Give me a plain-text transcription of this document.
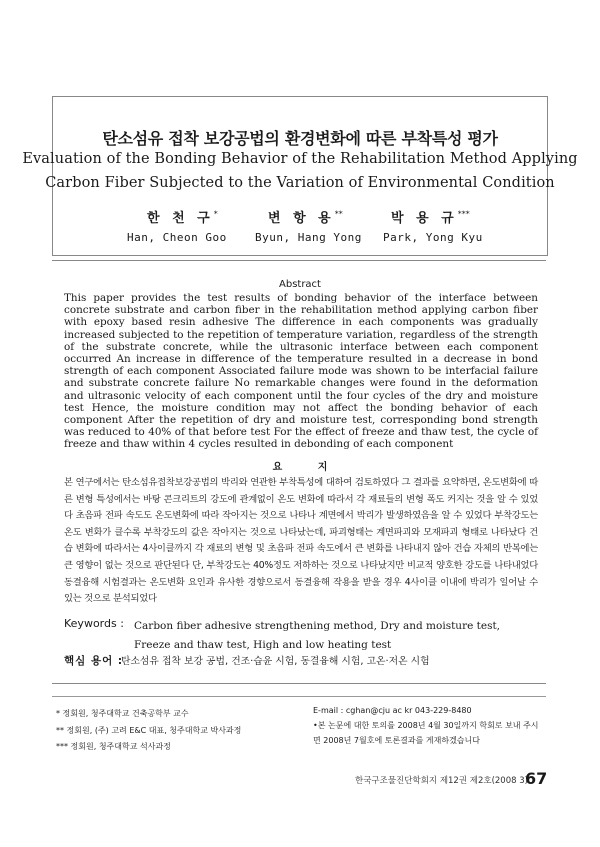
탄소섬유 접착 보강공법의 환경변화에 따른 부착특성 평가
Evaluation of the Bonding Behavior of the Rehabilitation Method Applying
Carbon Fiber Subjected to the Variation of Environmental Condition
한 천 구*	변 항 용**	박 용 규***
Han, Cheon Goo	Byun, Hang Yong Park, Yong Kyu
Abstract
This paper provides the test results of bonding behavior of the interface between concrete substrate and carbon fiber in the rehabilitation method applying carbon fiber with epoxy based resin adhesive The difference in each components was gradually increased subjected to the repetition of temperature variation, regardless of the strength of the substrate concrete, while the ultrasonic interface between each component occurred An increase in difference of the temperature resulted in a decrease in bond strength of each component Associated failure mode was shown to be interfacial failure and substrate concrete failure No remarkable changes were found in the deformation and ultrasonic velocity of each component until the four cycles of the dry and moisture test Hence, the moisture condition may not affect the bonding behavior of each component After the repetition of dry and moisture test, corresponding bond strength was reduced to 40% of that before test For the effect of freeze and thaw test, the cycle of freeze and thaw within 4 cycles resulted in debonding of each component
요 지
본 연구에서는 탄소섬유접착보강공법의 박리와 연관한 부착특성에 대하여 검토하였다 그 결과를 요약하면, 온도변화에 따른 변형 특성에서는 바탕 콘크리트의 강도에 관계없이 온도 변화에 따라서 각 재료들의 변형 폭도 커지는 것을 알 수 있었다 초음파 전파 속도도 온도변화에 따라 작아지는 것으로 나타나 계면에서 박리가 발생하였음을 알 수 있었다 부착강도는 온도 변화가 클수록 부착강도의 값은 작아지는 것으로 나타났는데, 파괴형태는 계면파괴와 모재파괴 형태로 나타났다 건습 변화에 따라서는 4사이클까지 각 재료의 변형 및 초음파 전파 속도에서 큰 변화를 나타내지 않아 건습 자체의 반복에는 큰 영향이 없는 것으로 판단된다 단, 부착강도는 40%정도 저하하는 것으로 나타났지만 비교적 양호한 강도를 나타내었다 동결융해 시험결과는 온도변화 요인과 유사한 경향으로서 동결융해 작용을 받을 경우 4사이클 이내에 박리가 일어날 수 있는 것으로 분석되었다
Keywords : Carbon fiber adhesive strengthening method, Dry and moisture test, Freeze and thaw test, High and low heating test
핵심 용어 :
탄소섬유 접착 보강 공법, 건조·습윤 시험, 동결융해 시험, 고온·저온 시험
* 정회원, 청주대학교 건축공학부 교수
** 정회원, (주) 고려 E&C 대표, 청주대학교 박사과정
*** 정회원, 청주대학교 석사과정
E-mail : cghan@cju ac kr 043-229-8480
•본 논문에 대한 토의를 2008년 4월 30일까지 학회로 보내 주시면 2008년 7월호에 토론결과를 게재하겠습니다
한국구조물진단학회지 제12권 제2호(2008 3)
67
